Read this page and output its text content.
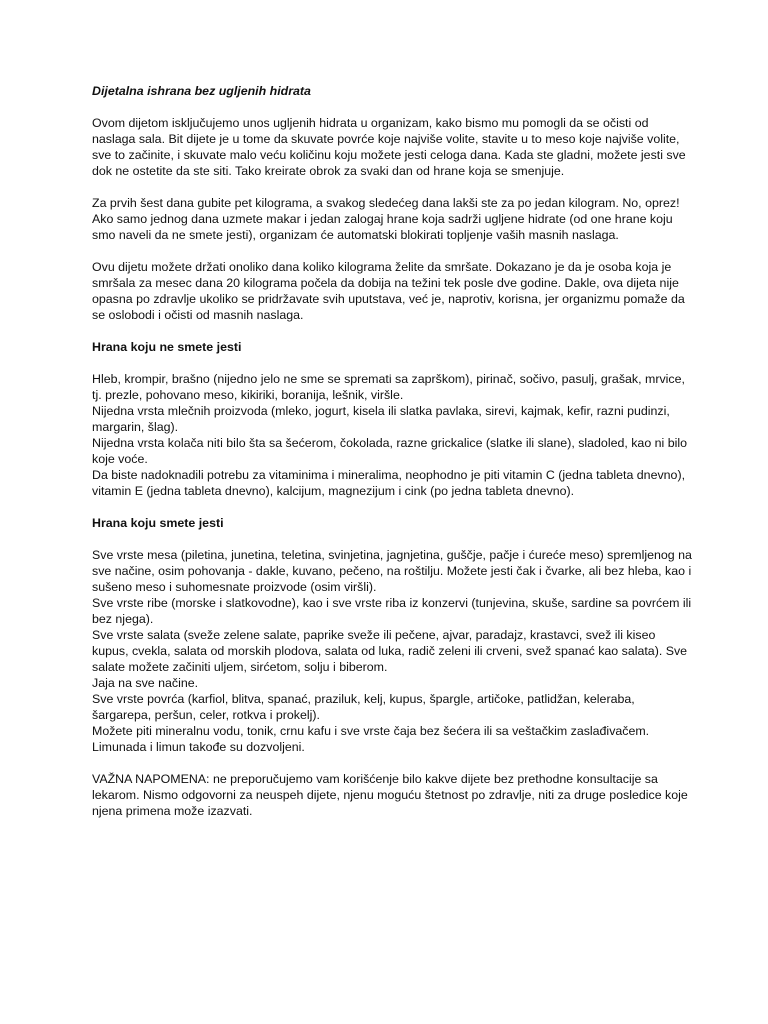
Dijetalna ishrana bez ugljenih hidrata

Ovom dijetom isključujemo unos ugljenih hidrata u organizam, kako bismo mu pomogli da se očisti od naslaga sala. Bit dijete je u tome da skuvate povrće koje najviše volite, stavite u to meso koje najviše volite, sve to začinite, i skuvate malo veću količinu koju možete jesti celoga dana. Kada ste gladni, možete jesti sve dok ne ostetite da ste siti. Tako kreirate obrok za svaki dan od hrane koja se smenjuje.

Za prvih šest dana gubite pet kilograma, a svakog sledećeg dana lakši ste za po jedan kilogram. No, oprez! Ako samo jednog dana uzmete makar i jedan zalogaj hrane koja sadrži ugljene hidrate (od one hrane koju smo naveli da ne smete jesti), organizam će automatski blokirati topljenje vaših masnih naslaga.

Ovu dijetu možete držati onoliko dana koliko kilograma želite da smršate. Dokazano je da je osoba koja je smršala za mesec dana 20 kilograma počela da dobija na težini tek posle dve godine. Dakle, ova dijeta nije opasna po zdravlje ukoliko se pridržavate svih uputstava, već je, naprotiv, korisna, jer organizmu pomaže da se oslobodi i očisti od masnih naslaga.

Hrana koju ne smete jesti
Hleb, krompir, brašno (nijedno jelo ne sme se sprematі sa zaprškom), pirinač, sočivo, pasulj, grašak, mrvice, tj. prezle, pohovano meso, kikiriki, boranija, lešnik, viršle.
Nijedna vrsta mlečnih proizvoda (mleko, jogurt, kisela ili slatka pavlaka, sirevi, kajmak, kefir, razni pudinzi, margarin, šlag).
Nijedna vrsta kolača niti bilo šta sa šećerom, čokolada, razne grickalice (slatke ili slane), sladoled, kao ni bilo koje voće.
Da biste nadoknadili potrebu za vitaminima i mineralima, neophodno je piti vitamin C (jedna tableta dnevno), vitamin E (jedna tableta dnevno), kalcijum, magnezijum i cink (po jedna tableta dnevno).
Hrana koju smete jesti
Sve vrste mesa (piletina, junetina, teletina, svinjetina, jagnjetina, guščje, pačje i ćureće meso) spremljenog na sve načine, osim pohovanja - dakle, kuvano, pečeno, na roštilju. Možete jesti čak i čvarke, ali bez hleba, kao i sušeno meso i suhomesnate proizvode (osim viršli).
Sve vrste ribe (morske i slatkovodne), kao i sve vrste riba iz konzervi (tunjevina, skuše, sardine sa povrćem ili bez njega).
Sve vrste salata (sveže zelene salate, paprike sveže ili pečene, ajvar, paradajz, krastavci, svež ili kiseo kupus, cvekla, salata od morskih plodova, salata od luka, radič zeleni ili crveni, svež spanać kao salata). Sve salate možete začiniti uljem, sirćetom, solju i biberom.
Jaja na sve načine.
Sve vrste povrća (karfiol, blitva, spanać, praziluk, kelj, kupus, špargle, artičoke, patlidžan, keleraba, šargarepa, peršun, celer, rotkva i prokelj).
Možete piti mineralnu vodu, tonik, crnu kafu i sve vrste čaja bez šećera ili sa veštačkim zaslađivačem. Limunada i limun takođe su dozvoljeni.

VAŽNA NAPOMENA: ne preporučujemo vam korišćenje bilo kakve dijete bez prethodne konsultacije sa lekarom. Nismo odgovorni za neuspeh dijete, njenu moguću štetnost po zdravlje, niti za druge posledice koje njena primena može izazvati.
